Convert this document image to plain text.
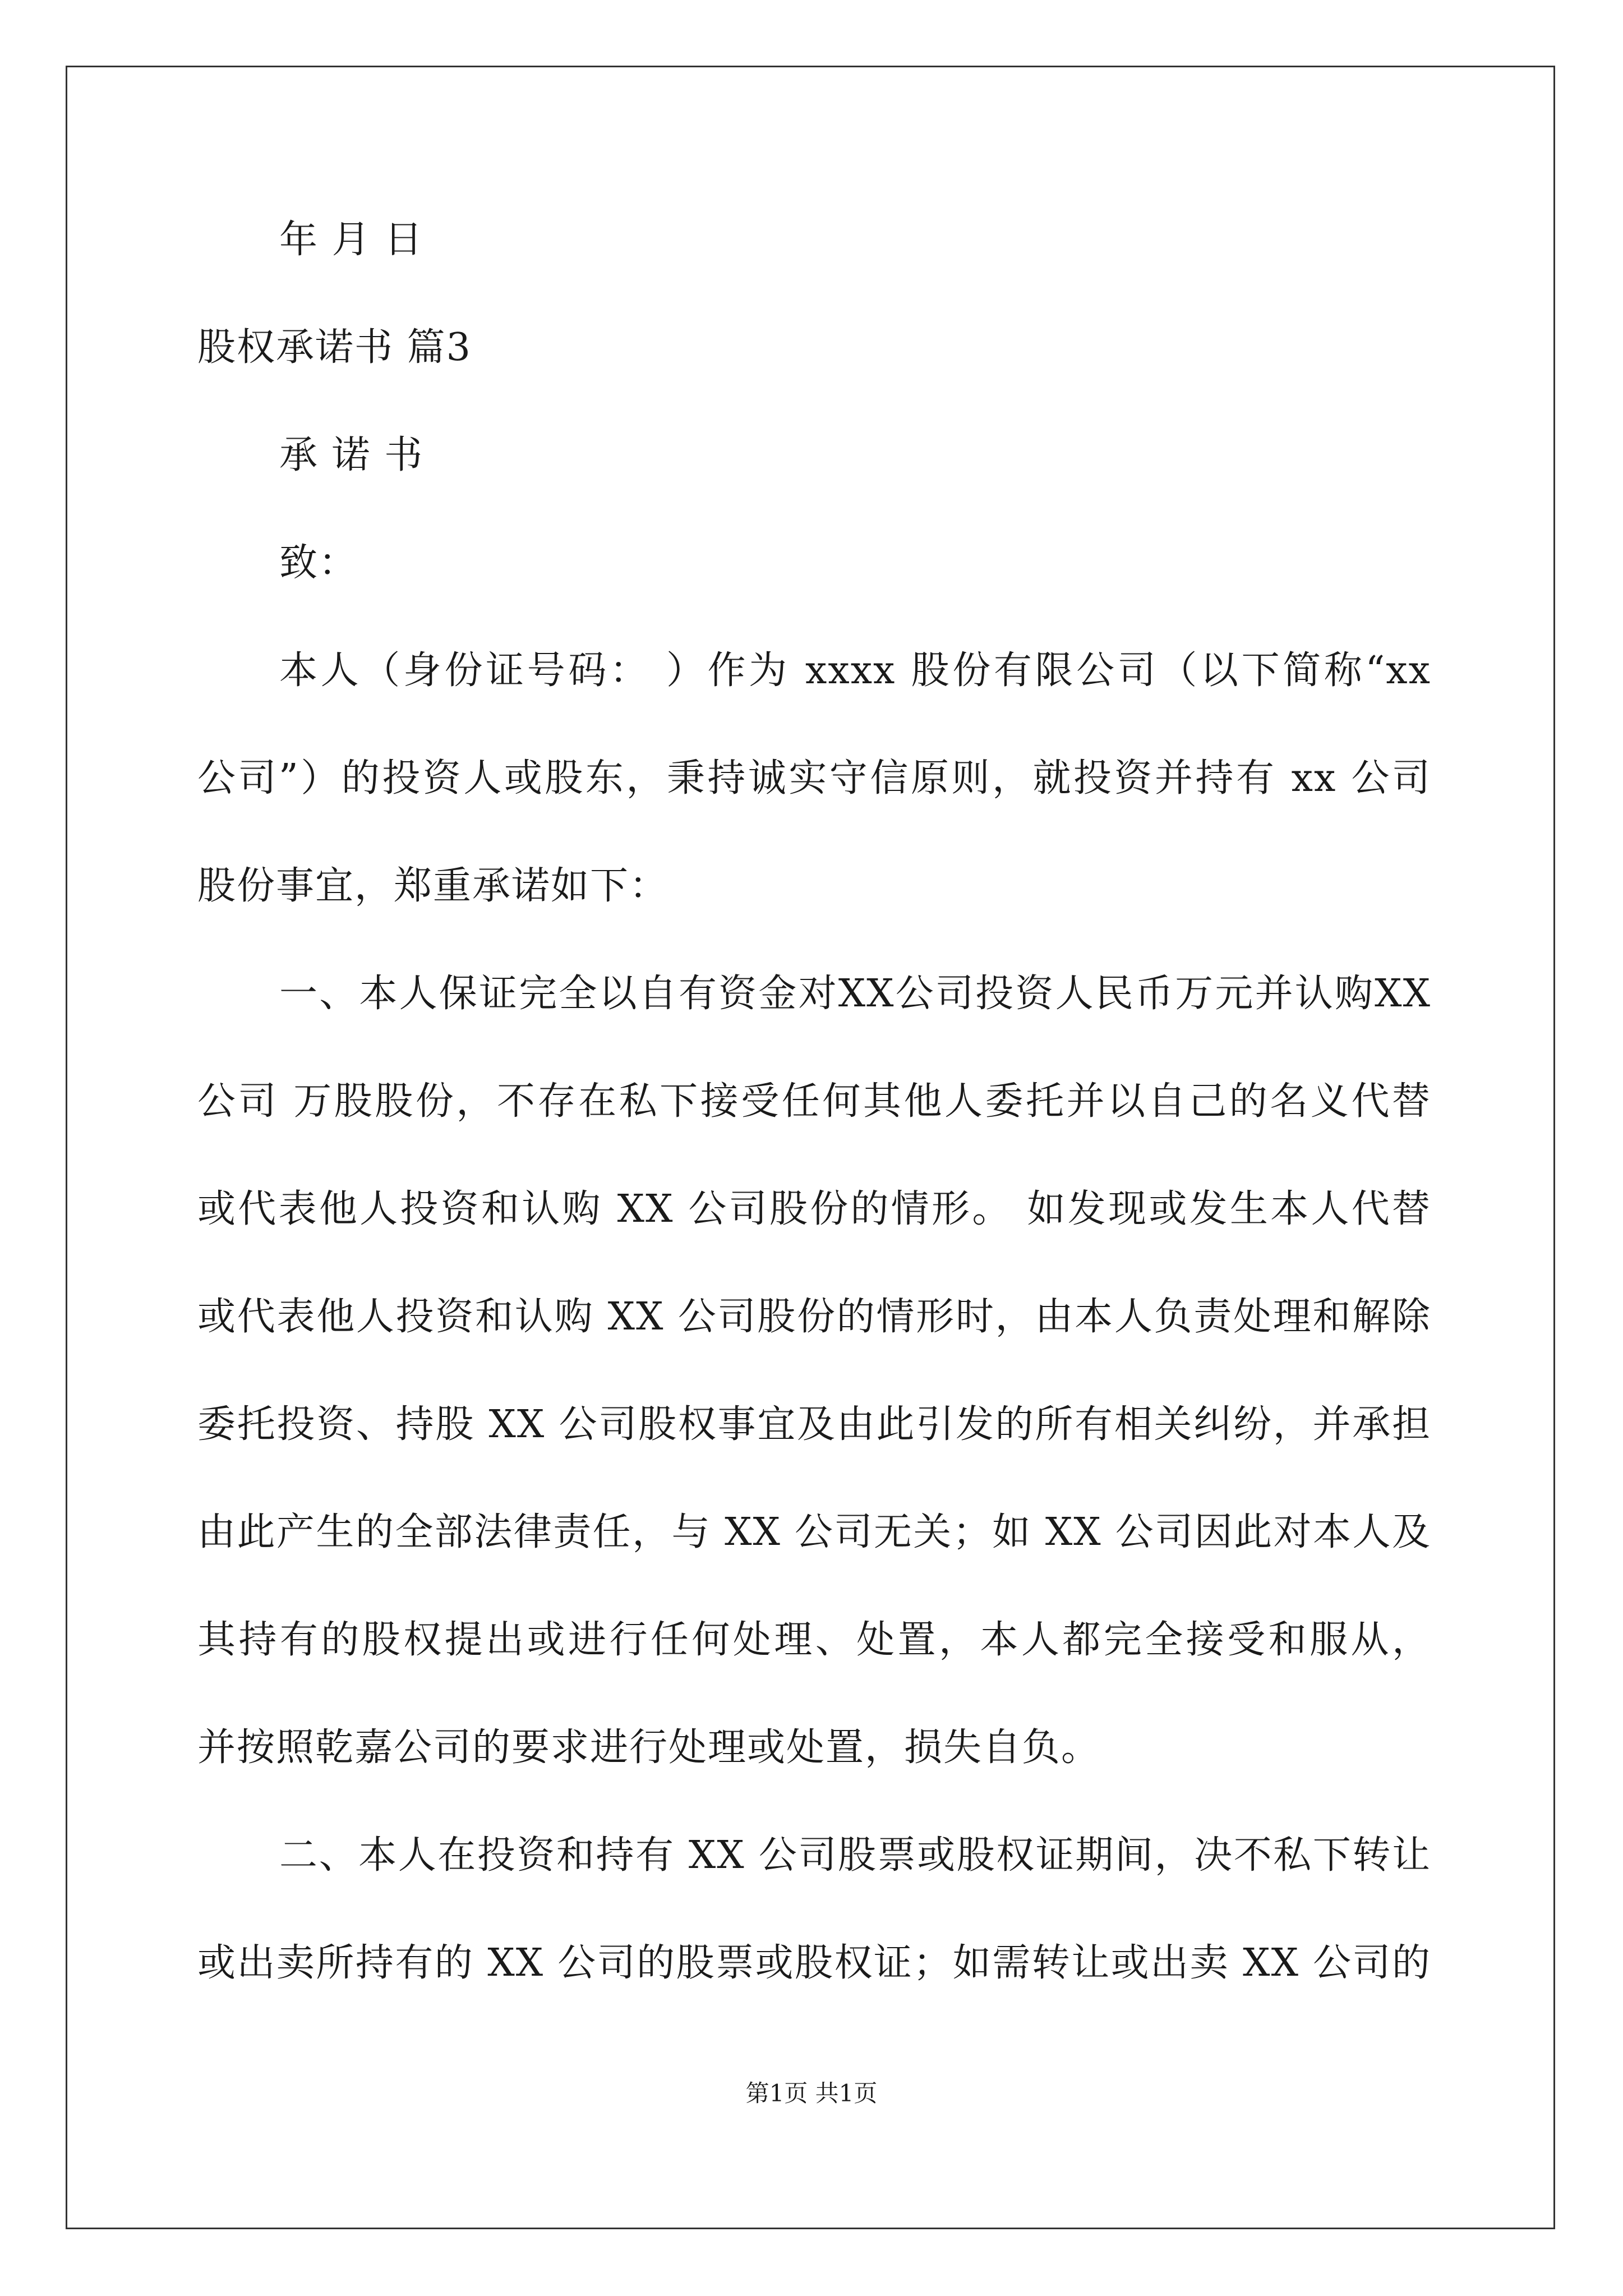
年 月 日
股权承诺书 篇3
承 诺 书
致：
本人（身份证号码： ）作为 xxxx 股份有限公司（以下简称“xx
公司”）的投资人或股东，秉持诚实守信原则，就投资并持有 xx 公司
股份事宜，郑重承诺如下：
一、本人保证完全以自有资金对XX公司投资人民币万元并认购XX
公司 万股股份，不存在私下接受任何其他人委托并以自己的名义代替
或代表他人投资和认购 XX 公司股份的情形。 如发现或发生本人代替
或代表他人投资和认购 XX 公司股份的情形时，由本人负责处理和解除
委托投资、持股 XX 公司股权事宜及由此引发的所有相关纠纷，并承担
由此产生的全部法律责任，与 XX 公司无关；如 XX 公司因此对本人及
其持有的股权提出或进行任何处理、处置，本人都完全接受和服从，
并按照乾嘉公司的要求进行处理或处置，损失自负。
二、本人在投资和持有 XX 公司股票或股权证期间，决不私下转让
或出卖所持有的 XX 公司的股票或股权证；如需转让或出卖 XX 公司的
第1页 共1页
